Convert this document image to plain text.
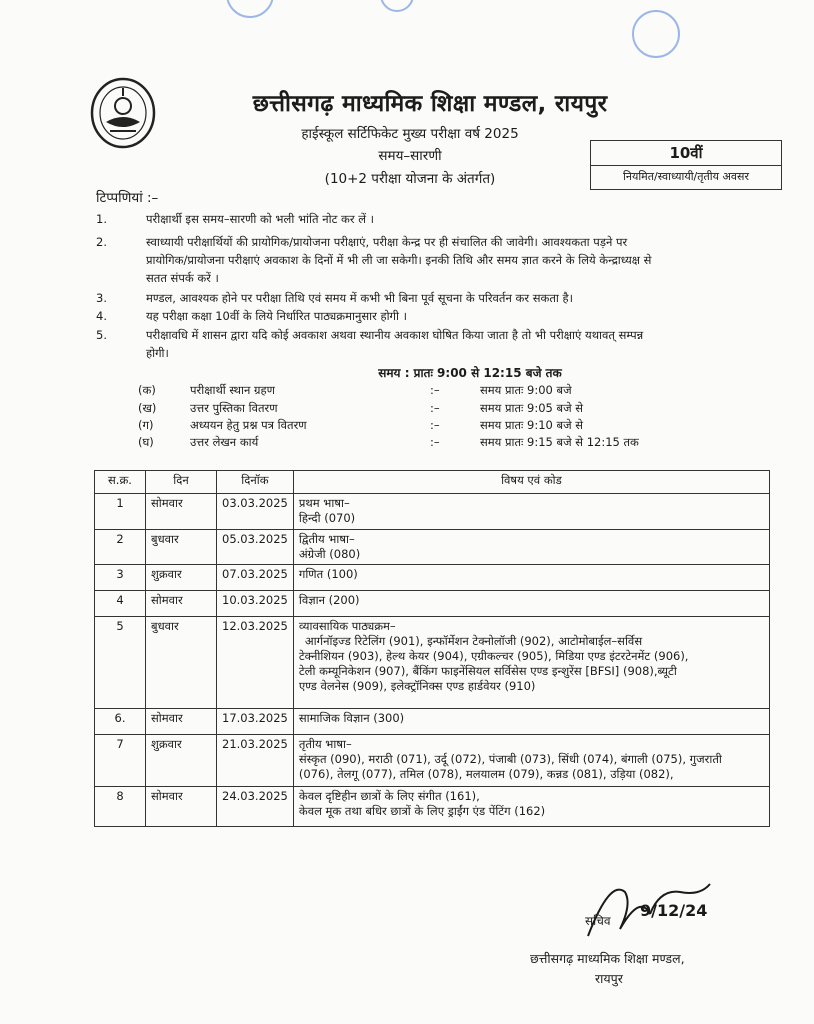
छत्तीसगढ़ माध्यमिक शिक्षा मण्डल, रायपुर
हाईस्कूल सर्टिफिकेट मुख्य परीक्षा वर्ष 2025
समय–सारणी
(10+2 परीक्षा योजना के अंतर्गत)
10वीं
नियमित/स्वाध्यायी/तृतीय अवसर
टिप्पणियां :–
1.	परीक्षार्थी इस समय–सारणी को भली भांति नोट कर लें ।
2.	स्वाध्यायी परीक्षार्थियों की प्रायोगिक/प्रायोजना परीक्षाएं, परीक्षा केन्द्र पर ही संचालित की जावेगी। आवश्यकता पड़ने पर
प्रायोगिक/प्रायोजना परीक्षाएं अवकाश के दिनों में भी ली जा सकेगी। इनकी तिथि और समय ज्ञात करने के लिये केन्द्राध्यक्ष से
सतत संपर्क करें ।
3.	मण्डल, आवश्यक होने पर परीक्षा तिथि एवं समय में कभी भी बिना पूर्व सूचना के परिवर्तन कर सकता है।
4.	यह परीक्षा कक्षा 10वीं के लिये निर्धारित पाठ्यक्रमानुसार होगी ।
5.	परीक्षावधि में शासन द्वारा यदि कोई अवकाश अथवा स्थानीय अवकाश घोषित किया जाता है तो भी परीक्षाएं यथावत् सम्पन्न
होगी।
समय : प्रातः 9:00 से 12:15 बजे तक
(क)	परीक्षार्थी स्थान ग्रहण	:–	समय प्रातः 9:00 बजे
(ख)	उत्तर पुस्तिका वितरण	:–	समय प्रातः 9:05 बजे से
(ग)	अध्ययन हेतु प्रश्न पत्र वितरण	:–	समय प्रातः 9:10 बजे से
(घ)	उत्तर लेखन कार्य	:–	समय प्रातः 9:15 बजे से 12:15 तक
स.क्र.	दिन	दिनॉक	विषय एवं कोड
1	सोमवार	03.03.2025	प्रथम भाषा–
हिन्दी (070)

2	बुधवार	05.03.2025	द्वितीय भाषा–
अंग्रेजी (080)

3	शुक्रवार	07.03.2025	गणित (100)
4	सोमवार	10.03.2025	विज्ञान (200)
5	बुधवार	12.03.2025	व्यावसायिक पाठ्यक्रम–
आर्गनॉइज्ड रिटेलिंग (901), इन्फॉर्मेशन टेक्नोलॉजी (902), आटोमोबाईल–सर्विस
टेक्नीशियन (903), हेल्थ केयर (904), एग्रीकल्चर (905), मिडिया एण्ड इंटरटेनमेंट (906),
टेली कम्यूनिकेशन (907), बैंकिंग फाइनेंसियल सर्विसेस एण्ड इन्शुरेंस [BFSI] (908),ब्यूटी
एण्ड वेलनेस (909), इलेक्ट्रॉनिक्स एण्ड हार्डवेयर (910)

6.	सोमवार	17.03.2025	सामाजिक विज्ञान (300)
7	शुक्रवार	21.03.2025	तृतीय भाषा–
संस्कृत (090), मराठी (071), उर्दू (072), पंजाबी (073), सिंधी (074), बंगाली (075), गुजराती
(076), तेलगू (077), तमिल (078), मलयालम (079), कन्नड (081), उड़िया (082),

8	सोमवार	24.03.2025	केवल दृष्टिहीन छात्रों के लिए संगीत (161),
केवल मूक तथा बधिर छात्रों के लिए ड्राईंग एंड पेंटिंग (162)
9/12/24
सचिव
छत्तीसगढ़ माध्यमिक शिक्षा मण्डल,
रायपुर
